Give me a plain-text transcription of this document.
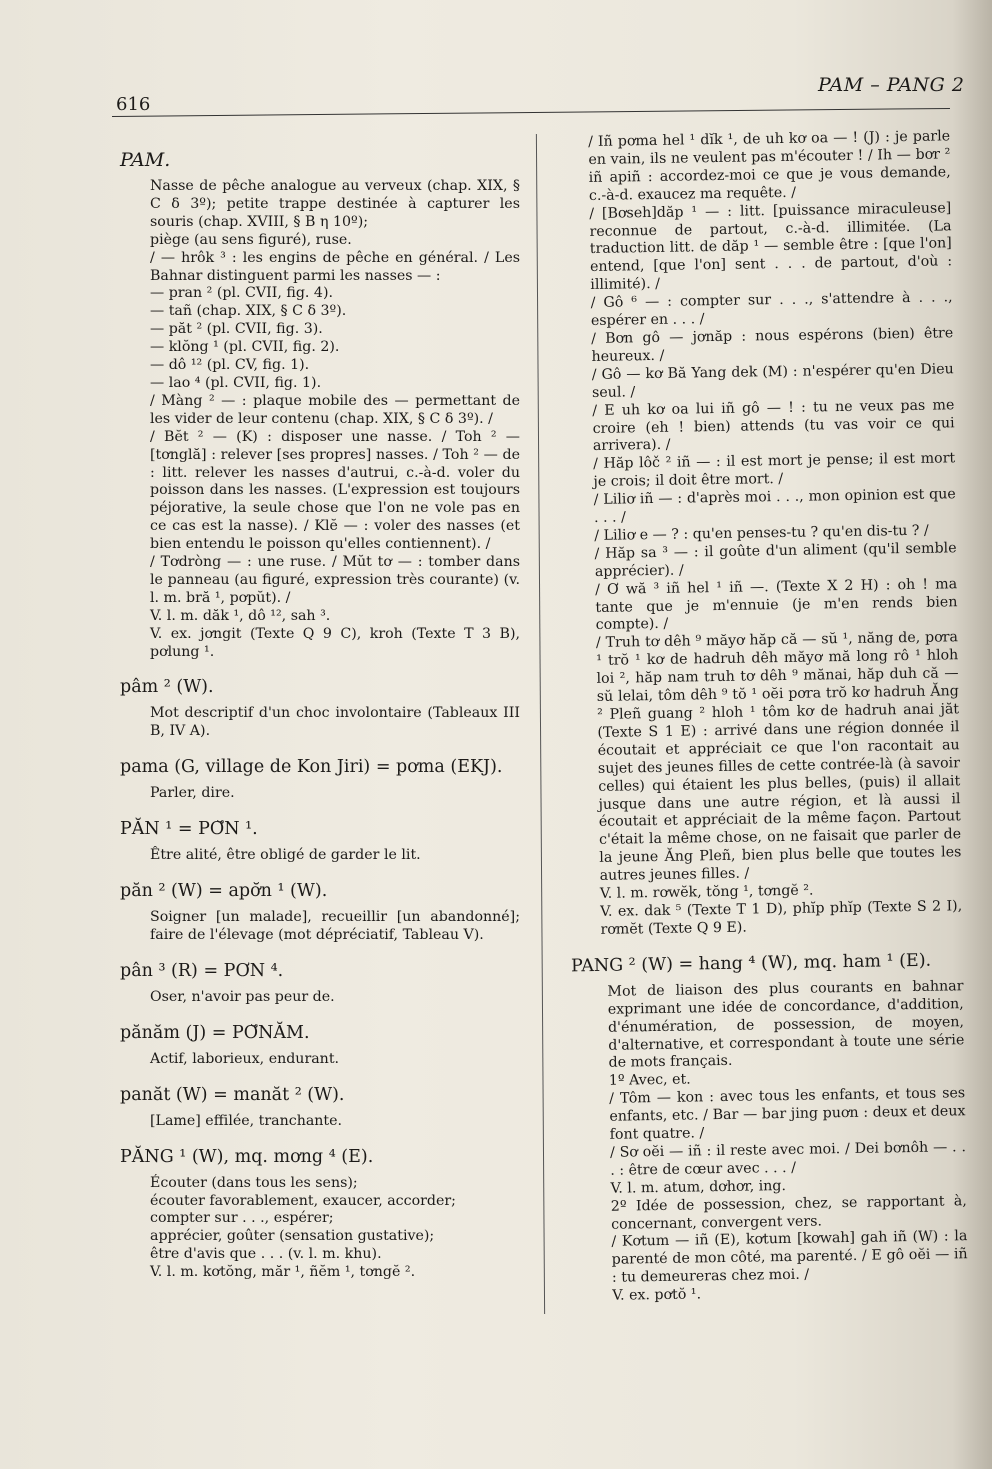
PAM – PANG 2
616
PAM.

Nasse de pêche analogue au verveux (chap. XIX, § C δ 3º); petite trappe destinée à capturer les souris (chap. XVIII, § B η 10º);

piège (au sens figuré), ruse.

/ — hrôk ³ : les engins de pêche en général. / Les Bahnar distinguent parmi les nasses — :

— pran ² (pl. CVII, fig. 4).

— tañ (chap. XIX, § C δ 3º).

— păt ² (pl. CVII, fig. 3).

— klŏng ¹ (pl. CVII, fig. 2).

— dô ¹² (pl. CV, fig. 1).

— lao ⁴ (pl. CVII, fig. 1).

/ Màng ² — : plaque mobile des — permettant de les vider de leur contenu (chap. XIX, § C δ 3º). /

/ Bĕt ² — (K) : disposer une nasse. / Toh ² — [tơnglă] : relever [ses propres] nasses. / Toh ² — de : litt. relever les nasses d'autrui, c.-à-d. voler du poisson dans les nasses. (L'expression est toujours péjorative, la seule chose que l'on ne vole pas en ce cas est la nasse). / Klĕ — : voler des nasses (et bien entendu le poisson qu'elles contiennent). /

/ Tơdròng — : une ruse. / Mŭt tơ — : tomber dans le panneau (au figuré, expression très courante) (v. l. m. bră ¹, pơpŭt). /

V. l. m. dăk ¹, dô ¹², sah ³.

V. ex. jơngit (Texte Q 9 C), kroh (Texte T 3 B), pơlung ¹.

pâm ² (W).

Mot descriptif d'un choc involontaire (Tableaux III B, IV A).

pama (G, village de Kon Jiri) = pơma (EKJ).

Parler, dire.

PĂN ¹ = PƠ̆N ¹.

Être alité, être obligé de garder le lit.

păn ² (W) = apơ̆n ¹ (W).

Soigner [un malade], recueillir [un abandonné]; faire de l'élevage (mot dépréciatif, Tableau V).

pân ³ (R) = PƠN ⁴.

Oser, n'avoir pas peur de.

pănăm (J) = PƠ̆NĂM.

Actif, laborieux, endurant.

panăt (W) = manăt ² (W).

[Lame] effilée, tranchante.

PĂNG ¹ (W), mq. mơng ⁴ (E).

Écouter (dans tous les sens);

écouter favorablement, exaucer, accorder;

compter sur . . ., espérer;

apprécier, goûter (sensation gustative);

être d'avis que . . . (v. l. m. khu).

V. l. m. kơtŏng, măr ¹, ñĕm ¹, tơngĕ ².

/ Iñ pơma hel ¹ dĭk ¹, de uh kơ oa — ! (J) : je parle en vain, ils ne veulent pas m'écouter ! / Ih — bơr ² iñ apiñ : accordez-moi ce que je vous demande, c.-à-d. exaucez ma requête. /

/ [Bơseh]dăp ¹ — : litt. [puissance miraculeuse] reconnue de partout, c.-à-d. illimitée. (La traduction litt. de dăp ¹ — semble être : [que l'on] entend, [que l'on] sent . . . de partout, d'où : illimité). /

/ Gô ⁶ — : compter sur . . ., s'attendre à . . ., espérer en . . . /

/ Bơn gô — jơnăp : nous espérons (bien) être heureux. /

/ Gô — kơ Bă Yang dek (M) : n'espérer qu'en Dieu seul. /

/ E uh kơ oa lui iñ gô — ! : tu ne veux pas me croire (eh ! bien) attends (tu vas voir ce qui arrivera). /

/ Hăp lôč ² iñ — : il est mort je pense; il est mort je crois; il doit être mort. /

/ Liliơ iñ — : d'après moi . . ., mon opinion est que . . . /

/ Liliơ e — ? : qu'en penses-tu ? qu'en dis-tu ? /

/ Hăp sa ³ — : il goûte d'un aliment (qu'il semble apprécier). /

/ Ơ wă ³ iñ hel ¹ iñ —. (Texte X 2 H) : oh ! ma tante que je m'ennuie (je m'en rends bien compte). /

/ Truh tơ dêh ⁹ măyơ hăp că — sŭ ¹, năng de, pơra ¹ trŏ ¹ kơ de hadruh dêh măyơ mă long rô ¹ hloh loi ², hăp nam truh tơ dêh ⁹ mănai, hăp duh că — sŭ lelai, tôm dêh ⁹ tŏ ¹ oĕi pơra trŏ kơ hadruh Ăng ² Pleñ guang ² hloh ¹ tôm kơ de hadruh anai jăt (Texte S 1 E) : arrivé dans une région donnée il écoutait et appréciait ce que l'on racontait au sujet des jeunes filles de cette contrée-là (à savoir celles) qui étaient les plus belles, (puis) il allait jusque dans une autre région, et là aussi il écoutait et appréciait de la même façon. Partout c'était la même chose, on ne faisait que parler de la jeune Ăng Pleñ, bien plus belle que toutes les autres jeunes filles. /

V. l. m. rơwĕk, tŏng ¹, tơngĕ ².

V. ex. dak ⁵ (Texte T 1 D), phĭp phĭp (Texte S 2 I), rơmĕt (Texte Q 9 E).

PANG ² (W) = hang ⁴ (W), mq. ham ¹ (E).

Mot de liaison des plus courants en bahnar exprimant une idée de concordance, d'addition, d'énumération, de possession, de moyen, d'alternative, et correspondant à toute une série de mots français.

1º Avec, et.

/ Tôm — kon : avec tous les enfants, et tous ses enfants, etc. / Bar — bar jing puơn : deux et deux font quatre. /

/ Sơ oĕi — iñ : il reste avec moi. / Dei bơnôh — . . . : être de cœur avec . . . /

V. l. m. atum, dơhơr, ing.

2º Idée de possession, chez, se rapportant à, concernant, convergent vers.

/ Kơtum — iñ (E), kơtum [kơwah] gah iñ (W) : la parenté de mon côté, ma parenté. / E gô oĕi — iñ : tu demeureras chez moi. /

V. ex. pơtŏ ¹.
